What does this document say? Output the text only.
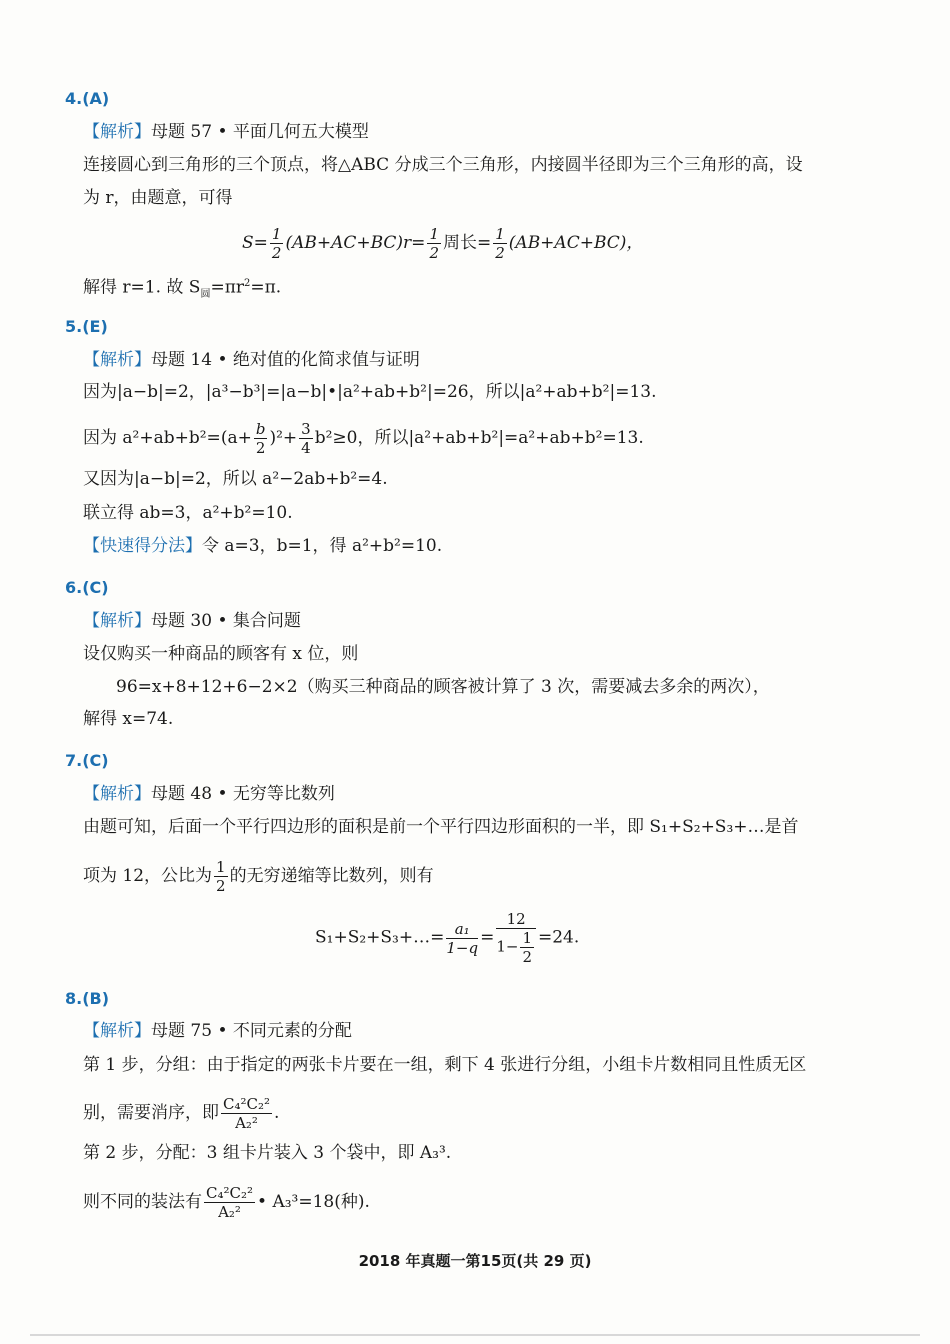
4.(A)
【解析】母题 57 • 平面几何五大模型
连接圆心到三角形的三个顶点，将△ABC 分成三个三角形，内接圆半径即为三个三角形的高，设
为 r，由题意，可得
$S= \frac{1}{2} (AB+AC+BC)r= \frac{1}{2}$ 周长= $\frac{1}{2} (AB+AC+BC)$，
解得 r=1. 故 $S_圆=\pi r^2=\pi$.
5.(E)
【解析】母题 14 • 绝对值的化简求值与证明
因为|a−b|=2，|a³−b³|=|a−b|•|a²+ab+b²|=26，所以|a²+ab+b²|=13.
因为 $a^2+ab+b^2=(a+ \frac{b}{2} )^2+ \frac{3}{4} b^2\ge 0$，所以|a²+ab+b²|=a²+ab+b²=13.
又因为|a−b|=2，所以 a²−2ab+b²=4.
联立得 ab=3，a²+b²=10.
【快速得分法】令 a=3，b=1，得 a²+b²=10.
6.(C)
【解析】母题 30 • 集合问题
设仅购买一种商品的顾客有 x 位，则
96=x+8+12+6−2×2（购买三种商品的顾客被计算了 3 次，需要减去多余的两次），
解得 x=74.
7.(C)
【解析】母题 48 • 无穷等比数列
由题可知，后面一个平行四边形的面积是前一个平行四边形面积的一半，即 S₁+S₂+S₃+…是首
项为 12，公比为 $\frac{1}{2}$ 的无穷递缩等比数列，则有
S₁+S₂+S₃+…= $\frac{\text{a₁}}{1-q} = \frac{12}{1- \frac{1}{2}} =24$.
8.(B)
【解析】母题 75 • 不同元素的分配
第 1 步，分组：由于指定的两张卡片要在一组，剩下 4 张进行分组，小组卡片数相同且性质无区
别，需要消序，即 $\frac{\text{C₄²C₂²}}{\text{A₂²}}$ .
第 2 步，分配：3 组卡片装入 3 个袋中，即 A₃³.
则不同的装法有 $\frac{\text{C₄²C₂²}}{\text{A₂²}}$ • A₃³=18(种).
2018 年真题一第15页(共 29 页)
